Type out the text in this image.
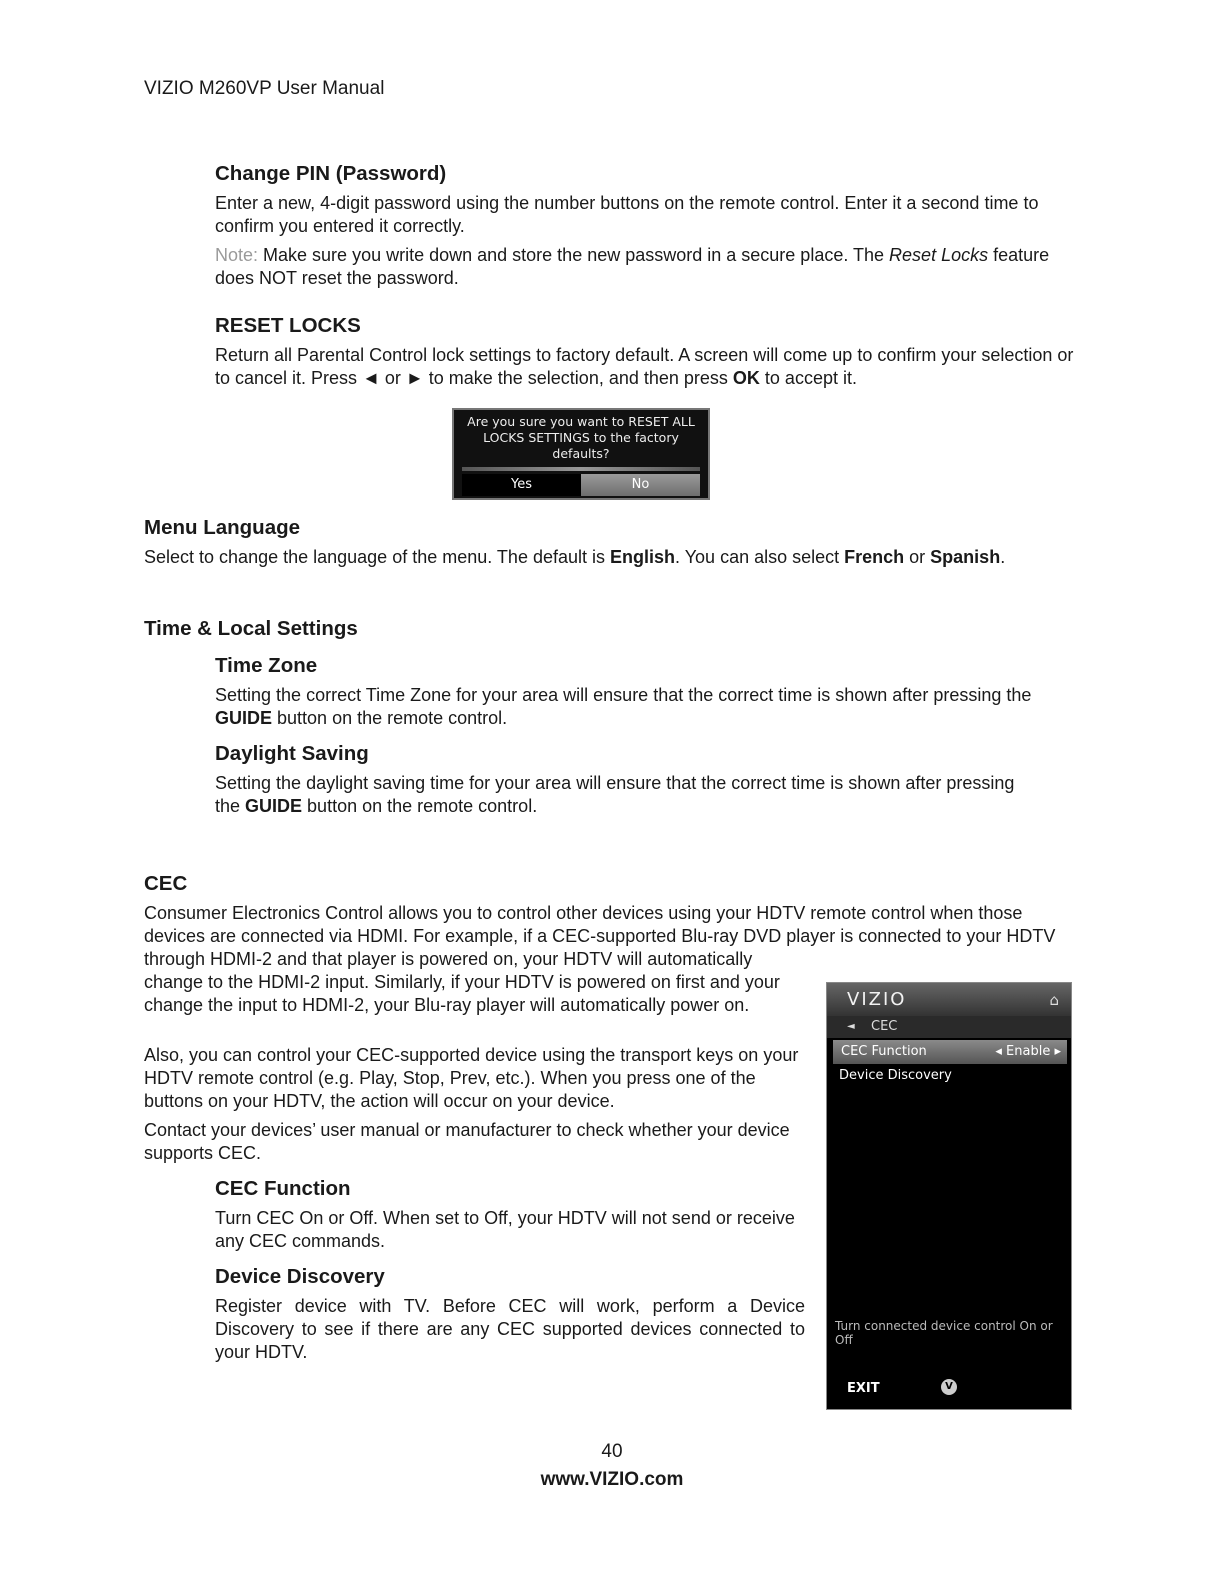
VIZIO M260VP User Manual
Change PIN (Password)

Enter a new, 4-digit password using the number buttons on the remote control. Enter it a second time to confirm you entered it correctly.

Note: Make sure you write down and store the new password in a secure place. The Reset Locks feature does NOT reset the password.

RESET LOCKS

Return all Parental Control lock settings to factory default. A screen will come up to confirm your selection or to cancel it. Press ◄ or ► to make the selection, and then press OK to accept it.

Are you sure you want to RESET ALL
LOCKS SETTINGS to the factory
defaults?
Yes	No
Menu Language

Select to change the language of the menu. The default is English. You can also select French or Spanish.

Time & Local Settings
Time Zone

Setting the correct Time Zone for your area will ensure that the correct time is shown after pressing the GUIDE button on the remote control.

Daylight Saving

Setting the daylight saving time for your area will ensure that the correct time is shown after pressing the GUIDE button on the remote control.

CEC

Consumer Electronics Control allows you to control other devices using your HDTV remote control when those devices are connected via HDMI. For example, if a CEC-supported Blu-ray DVD player is connected to your HDTV through HDMI-2 and that player is powered on, your HDTV will automatically

change to the HDMI-2 input. Similarly, if your HDTV is powered on first and your change the input to HDMI-2, your Blu-ray player will automatically power on.

Also, you can control your CEC-supported device using the transport keys on your HDTV remote control (e.g. Play, Stop, Prev, etc.). When you press one of the buttons on your HDTV, the action will occur on your device.

Contact your devices’ user manual or manufacturer to check whether your device supports CEC.

CEC Function

Turn CEC On or Off. When set to Off, your HDTV will not send or receive any CEC commands.

Device Discovery

Register device with TV. Before CEC will work, perform a Device Discovery to see if there are any CEC supported devices connected to your HDTV.

VIZIO	⌂
◄ CEC
CEC Function	◂ Enable ▸
Device Discovery
Turn connected device control On or Off
EXIT	V
40
www.VIZIO.com
